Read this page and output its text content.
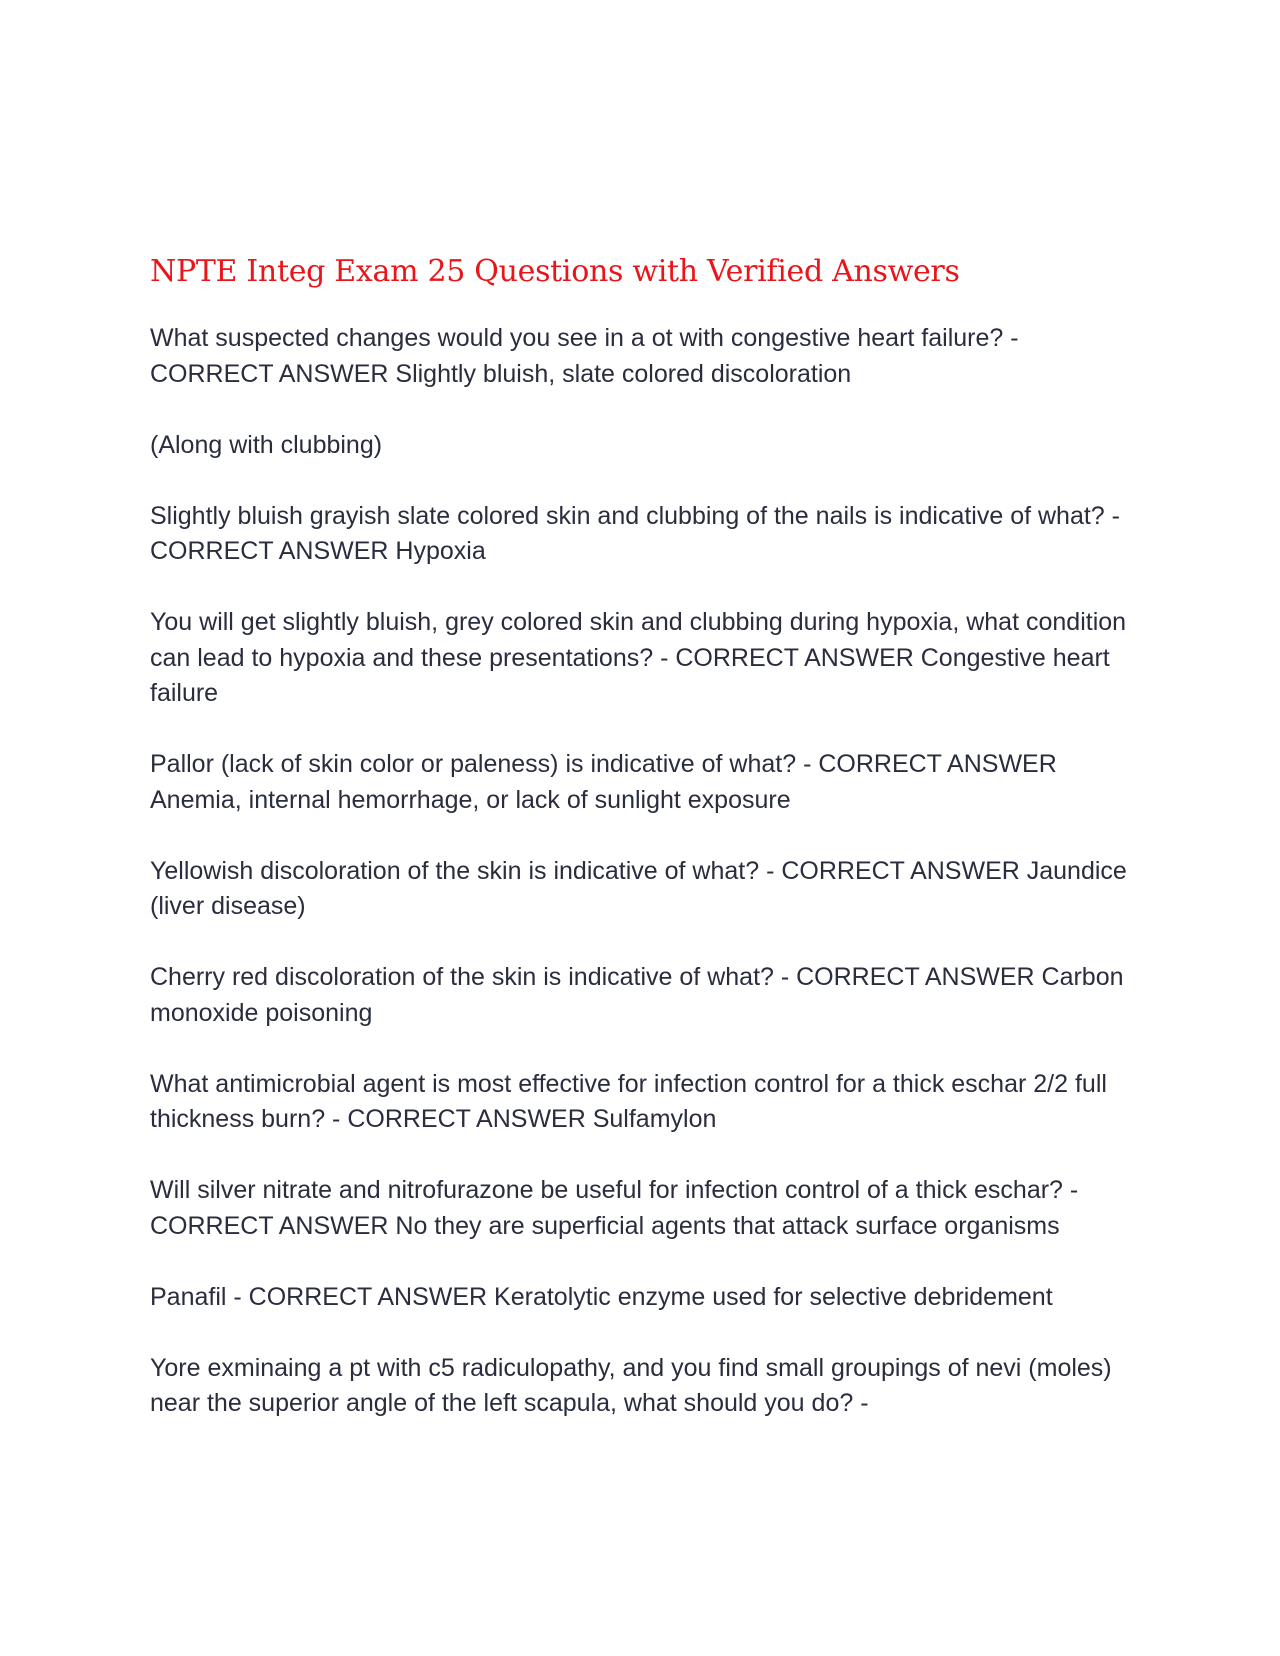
NPTE Integ Exam 25 Questions with Verified Answers

What suspected changes would you see in a ot with congestive heart failure? - CORRECT ANSWER Slightly bluish, slate colored discoloration

(Along with clubbing)

Slightly bluish grayish slate colored skin and clubbing of the nails is indicative of what? - CORRECT ANSWER Hypoxia

You will get slightly bluish, grey colored skin and clubbing during hypoxia, what condition can lead to hypoxia and these presentations? - CORRECT ANSWER Congestive heart failure

Pallor (lack of skin color or paleness) is indicative of what? - CORRECT ANSWER Anemia, internal hemorrhage, or lack of sunlight exposure

Yellowish discoloration of the skin is indicative of what? - CORRECT ANSWER Jaundice (liver disease)

Cherry red discoloration of the skin is indicative of what? - CORRECT ANSWER Carbon monoxide poisoning

What antimicrobial agent is most effective for infection control for a thick eschar 2/2 full thickness burn? - CORRECT ANSWER Sulfamylon

Will silver nitrate and nitrofurazone be useful for infection control of a thick eschar? - CORRECT ANSWER No they are superficial agents that attack surface organisms

Panafil - CORRECT ANSWER Keratolytic enzyme used for selective debridement

Yore exminaing a pt with c5 radiculopathy, and you find small groupings of nevi (moles) near the superior angle of the left scapula, what should you do? -
